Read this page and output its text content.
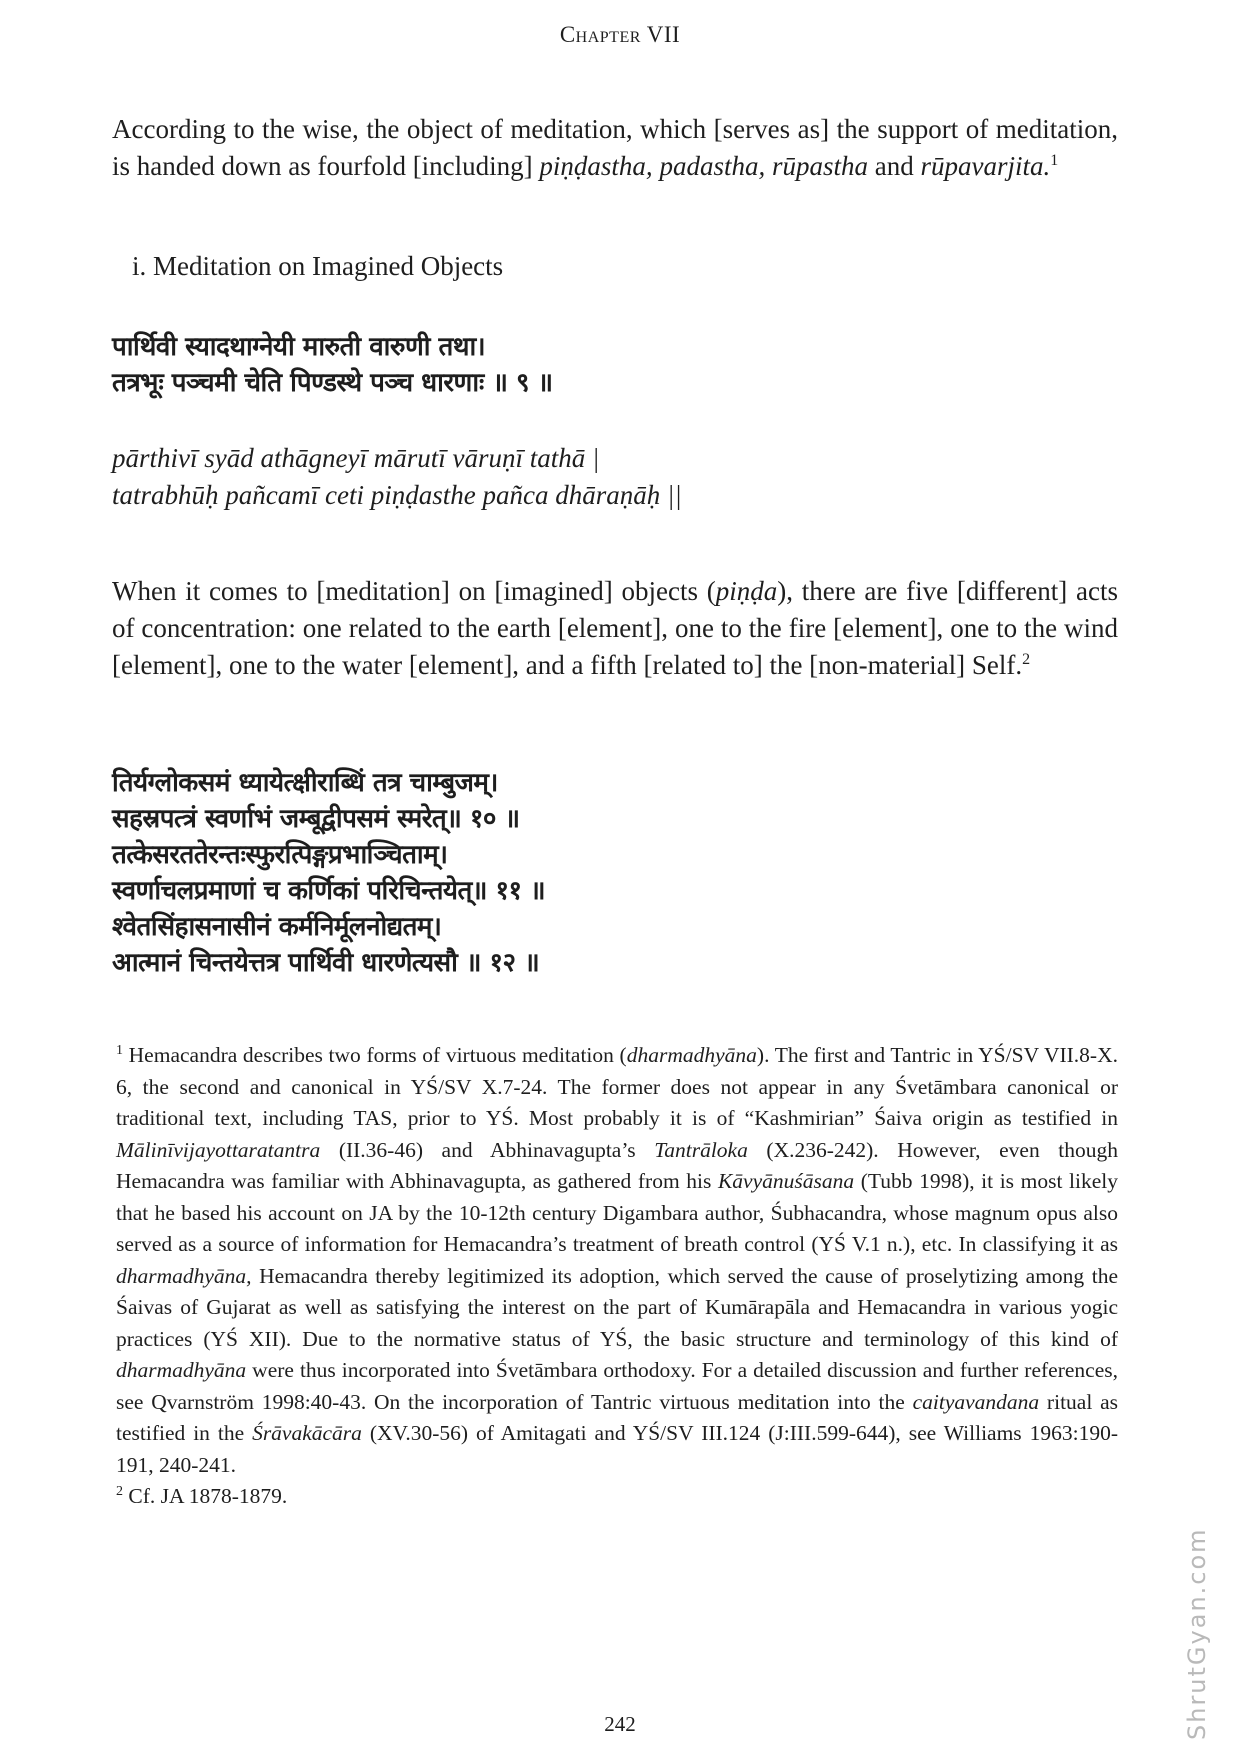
Chapter VII

According to the wise, the object of meditation, which [serves as] the support of meditation, is handed down as fourfold [including] piṇḍastha, padastha, rūpastha and rūpavarjita.$^1$

i. Meditation on Imagined Objects
पार्थिवी स्यादथाग्नेयी मारुती वारुणी तथा।
तत्रभूः पञ्चमी चेति पिण्डस्थे पञ्च धारणाः ॥ ९ ॥
pārthivī syād athāgneyī mārutī vāruṇī tathā |
tatrabhūḥ pañcamī ceti piṇḍasthe pañca dhāraṇāḥ ||

When it comes to [meditation] on [imagined] objects (piṇḍa), there are five [different] acts of concentration: one related to the earth [element], one to the fire [element], one to the wind [element], one to the water [element], and a fifth [related to] the [non-material] Self.$^2$

तिर्यग्लोकसमं ध्यायेत्क्षीराब्धिं तत्र चाम्बुजम्।
सहस्रपत्त्रं स्वर्णाभं जम्बूद्वीपसमं स्मरेत्॥ १० ॥
तत्केसरततेरन्तःस्फुरत्पिङ्गप्रभाञ्चिताम्।
स्वर्णाचलप्रमाणां च कर्णिकां परिचिन्तयेत्॥ ११ ॥
श्वेतसिंहासनासीनं कर्मनिर्मूलनोद्यतम्।
आत्मानं चिन्तयेत्तत्र पार्थिवी धारणेत्यसौ ॥ १२ ॥

$^1$ Hemacandra describes two forms of virtuous meditation (dharmadhyāna). The first and Tantric in YŚ/SV VII.8-X. 6, the second and canonical in YŚ/SV X.7-24. The former does not appear in any Śvetāmbara canonical or traditional text, including TAS, prior to YŚ. Most probably it is of “Kashmirian” Śaiva origin as testified in Mālinīvijayottaratantra (II.36-46) and Abhinavagupta’s Tantrāloka (X.236-242). However, even though Hemacandra was familiar with Abhinavagupta, as gathered from his Kāvyānuśāsana (Tubb 1998), it is most likely that he based his account on JA by the 10-12th century Digambara author, Śubhacandra, whose magnum opus also served as a source of information for Hemacandra’s treatment of breath control (YŚ V.1 n.), etc. In classifying it as dharmadhyāna, Hemacandra thereby legitimized its adoption, which served the cause of proselytizing among the Śaivas of Gujarat as well as satisfying the interest on the part of Kumārapāla and Hemacandra in various yogic practices (YŚ XII). Due to the normative status of YŚ, the basic structure and terminology of this kind of dharmadhyāna were thus incorporated into Śvetāmbara orthodoxy. For a detailed discussion and further references, see Qvarnström 1998:40-43. On the incorporation of Tantric virtuous meditation into the caityavandana ritual as testified in the Śrāvakācāra (XV.30-56) of Amitagati and YŚ/SV III.124 (J:III.599-644), see Williams 1963:190-191, 240-241.

$^2$ Cf. JA 1878-1879.

242	ShrutGyan.com
